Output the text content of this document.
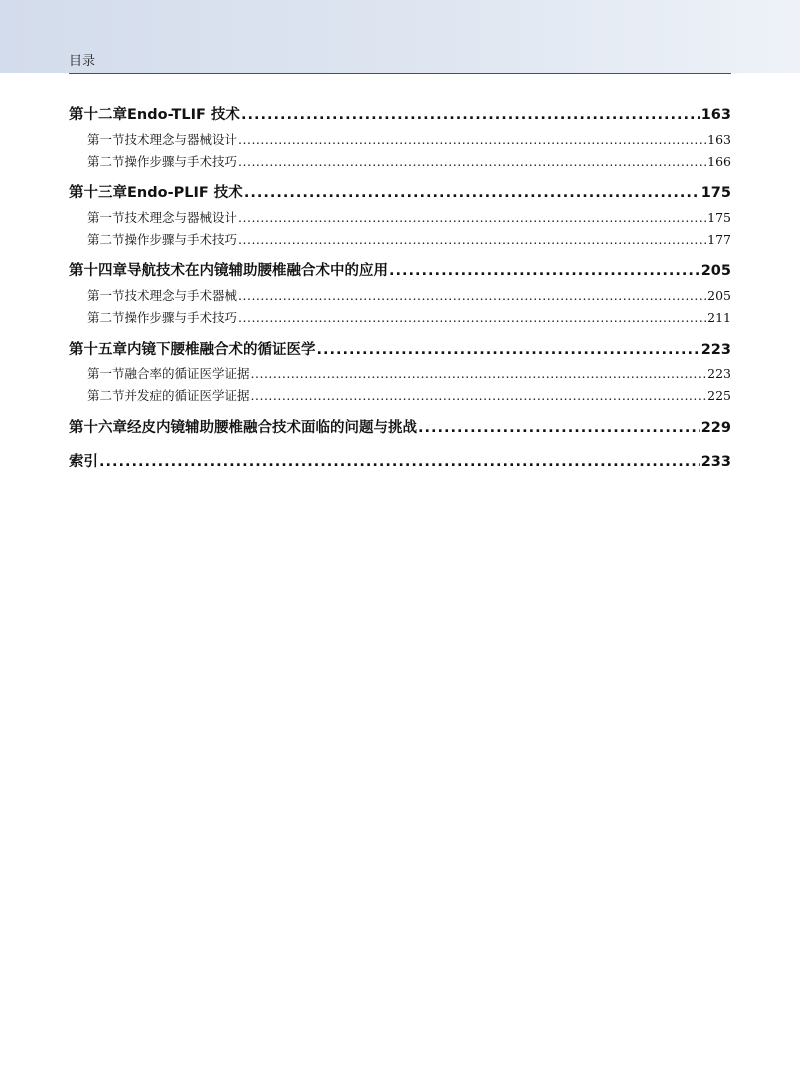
目录
第十二章 Endo-TLIF 技术 .....	163
第一节 技术理念与器械设计 .....	163
第二节 操作步骤与手术技巧 .....	166
第十三章 Endo-PLIF 技术 .....	175
第一节 技术理念与器械设计 .....	175
第二节 操作步骤与手术技巧 .....	177
第十四章 导航技术在内镜辅助腰椎融合术中的应用 .....	205
第一节 技术理念与手术器械 .....	205
第二节 操作步骤与手术技巧 .....	211
第十五章 内镜下腰椎融合术的循证医学 .....	223
第一节 融合率的循证医学证据 .....	223
第二节 并发症的循证医学证据 .....	225
第十六章 经皮内镜辅助腰椎融合技术面临的问题与挑战 .....	229
索引 .....	233
